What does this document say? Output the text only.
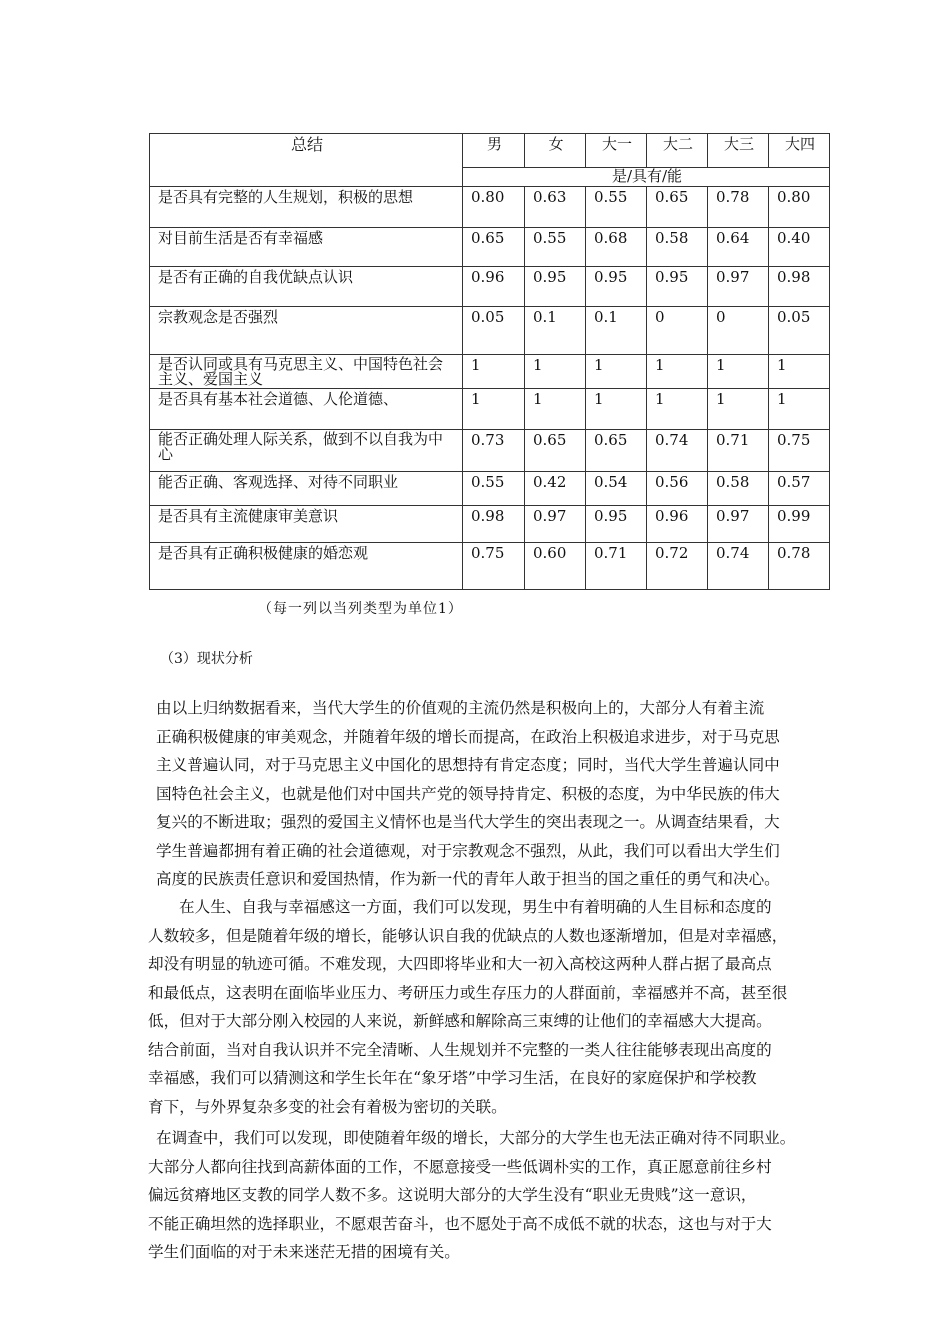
总结	男	女	大一	大二	大三	大四
	是/具有/能					
是否具有完整的人生规划，积极的思想	0.80	0.63	0.55	0.65	0.78	0.80
对目前生活是否有幸福感	0.65	0.55	0.68	0.58	0.64	0.40
是否有正确的自我优缺点认识	0.96	0.95	0.95	0.95	0.97	0.98
宗教观念是否强烈	0.05	0.1	0.1	0	0	0.05
是否认同或具有马克思主义、中国特色社会主义、爱国主义	1	1	1	1	1	1
是否具有基本社会道德、人伦道德、	1	1	1	1	1	1
能否正确处理人际关系，做到不以自我为中心	0.73	0.65	0.65	0.74	0.71	0.75
能否正确、客观选择、对待不同职业	0.55	0.42	0.54	0.56	0.58	0.57
是否具有主流健康审美意识	0.98	0.97	0.95	0.96	0.97	0.99
是否具有正确积极健康的婚恋观	0.75	0.60	0.71	0.72	0.74	0.78
（每一列以当列类型为单位1）
（3）现状分析

由以上归纳数据看来，当代大学生的价值观的主流仍然是积极向上的，大部分人有着主流
正确积极健康的审美观念，并随着年级的增长而提高，在政治上积极追求进步，对于马克思
主义普遍认同，对于马克思主义中国化的思想持有肯定态度；同时，当代大学生普遍认同中
国特色社会主义，也就是他们对中国共产党的领导持肯定、积极的态度，为中华民族的伟大
复兴的不断进取；强烈的爱国主义情怀也是当代大学生的突出表现之一。从调查结果看，大
学生普遍都拥有着正确的社会道德观，对于宗教观念不强烈，从此，我们可以看出大学生们
高度的民族责任意识和爱国热情，作为新一代的青年人敢于担当的国之重任的勇气和决心。

在人生、自我与幸福感这一方面，我们可以发现，男生中有着明确的人生目标和态度的
人数较多，但是随着年级的增长，能够认识自我的优缺点的人数也逐渐增加，但是对幸福感，
却没有明显的轨迹可循。不难发现，大四即将毕业和大一初入高校这两种人群占据了最高点
和最低点，这表明在面临毕业压力、考研压力或生存压力的人群面前，幸福感并不高，甚至很
低，但对于大部分刚入校园的人来说，新鲜感和解除高三束缚的让他们的幸福感大大提高。
结合前面，当对自我认识并不完全清晰、人生规划并不完整的一类人往往能够表现出高度的
幸福感，我们可以猜测这和学生长年在“象牙塔”中学习生活，在良好的家庭保护和学校教
育下，与外界复杂多变的社会有着极为密切的关联。

在调查中，我们可以发现，即使随着年级的增长，大部分的大学生也无法正确对待不同职业。
大部分人都向往找到高薪体面的工作，不愿意接受一些低调朴实的工作，真正愿意前往乡村
偏远贫瘠地区支教的同学人数不多。这说明大部分的大学生没有“职业无贵贱”这一意识，
不能正确坦然的选择职业，不愿艰苦奋斗，也不愿处于高不成低不就的状态，这也与对于大
学生们面临的对于未来迷茫无措的困境有关。
